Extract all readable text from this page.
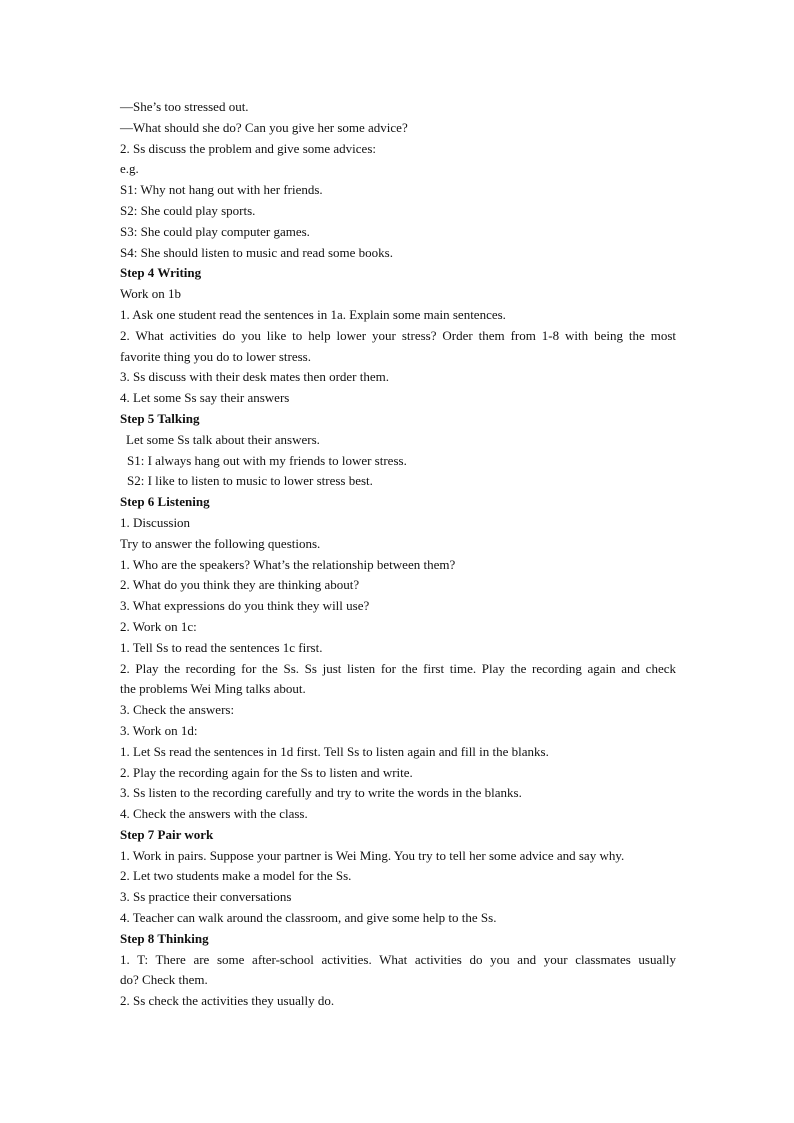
—She’s too stressed out.
—What should she do? Can you give her some advice?
2. Ss discuss the problem and give some advices:
e.g.
S1: Why not hang out with her friends.
S2: She could play sports.
S3: She could play computer games.
S4: She should listen to music and read some books.
Step 4 Writing
Work on 1b
1. Ask one student read the sentences in 1a. Explain some main sentences.
2. What activities do you like to help lower your stress? Order them from 1-8 with being the most
favorite thing you do to lower stress.
3. Ss discuss with their desk mates then order them.
4. Let some Ss say their answers
Step 5 Talking
Let some Ss talk about their answers.
S1: I always hang out with my friends to lower stress.
S2: I like to listen to music to lower stress best.
Step 6 Listening
1. Discussion
Try to answer the following questions.
1. Who are the speakers? What’s the relationship between them?
2. What do you think they are thinking about?
3. What expressions do you think they will use?
2. Work on 1c:
1. Tell Ss to read the sentences 1c first.
2. Play the recording for the Ss. Ss just listen for the first time. Play the recording again and check
the problems Wei Ming talks about.
3. Check the answers:
3. Work on 1d:
1. Let Ss read the sentences in 1d first. Tell Ss to listen again and fill in the blanks.
2. Play the recording again for the Ss to listen and write.
3. Ss listen to the recording carefully and try to write the words in the blanks.
4. Check the answers with the class.
Step 7 Pair work
1. Work in pairs. Suppose your partner is Wei Ming. You try to tell her some advice and say why.
2. Let two students make a model for the Ss.
3. Ss practice their conversations
4. Teacher can walk around the classroom, and give some help to the Ss.
Step 8 Thinking
1. T: There are some after-school activities. What activities do you and your classmates usually
do? Check them.
2. Ss check the activities they usually do.
